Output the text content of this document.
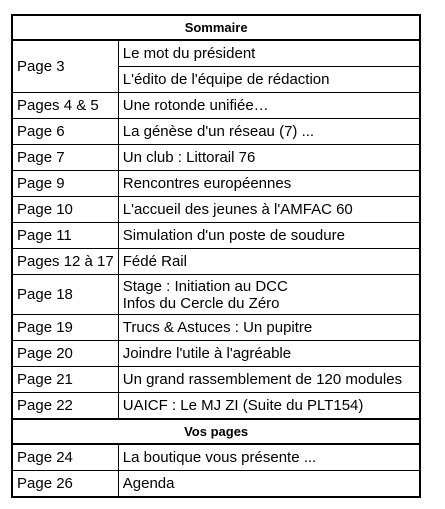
Sommaire	
Page 3	Le mot du président
	L'édito de l'équipe de rédaction
Pages 4 & 5	Une rotonde unifiée…

Page 6	La génèse d'un réseau (7) ...

Page 7	Un club : Littorail 76

Page 9	Rencontres européennes

Page 10	L'accueil des jeunes à l'AMFAC 60

Page 11	Simulation d'un poste de soudure

Pages 12 à 17	Fédé Rail

Page 18	Stage : Initiation au DCC
Infos du Cercle du Zéro

Page 19	Trucs & Astuces : Un pupitre

Page 20	Joindre l'utile à l'agréable

Page 21	Un grand rassemblement de 120 modules

Page 22	UAICF : Le MJ ZI (Suite du PLT154)

Vos pages	
Page 24	La boutique vous présente ...

Page 26	Agenda
